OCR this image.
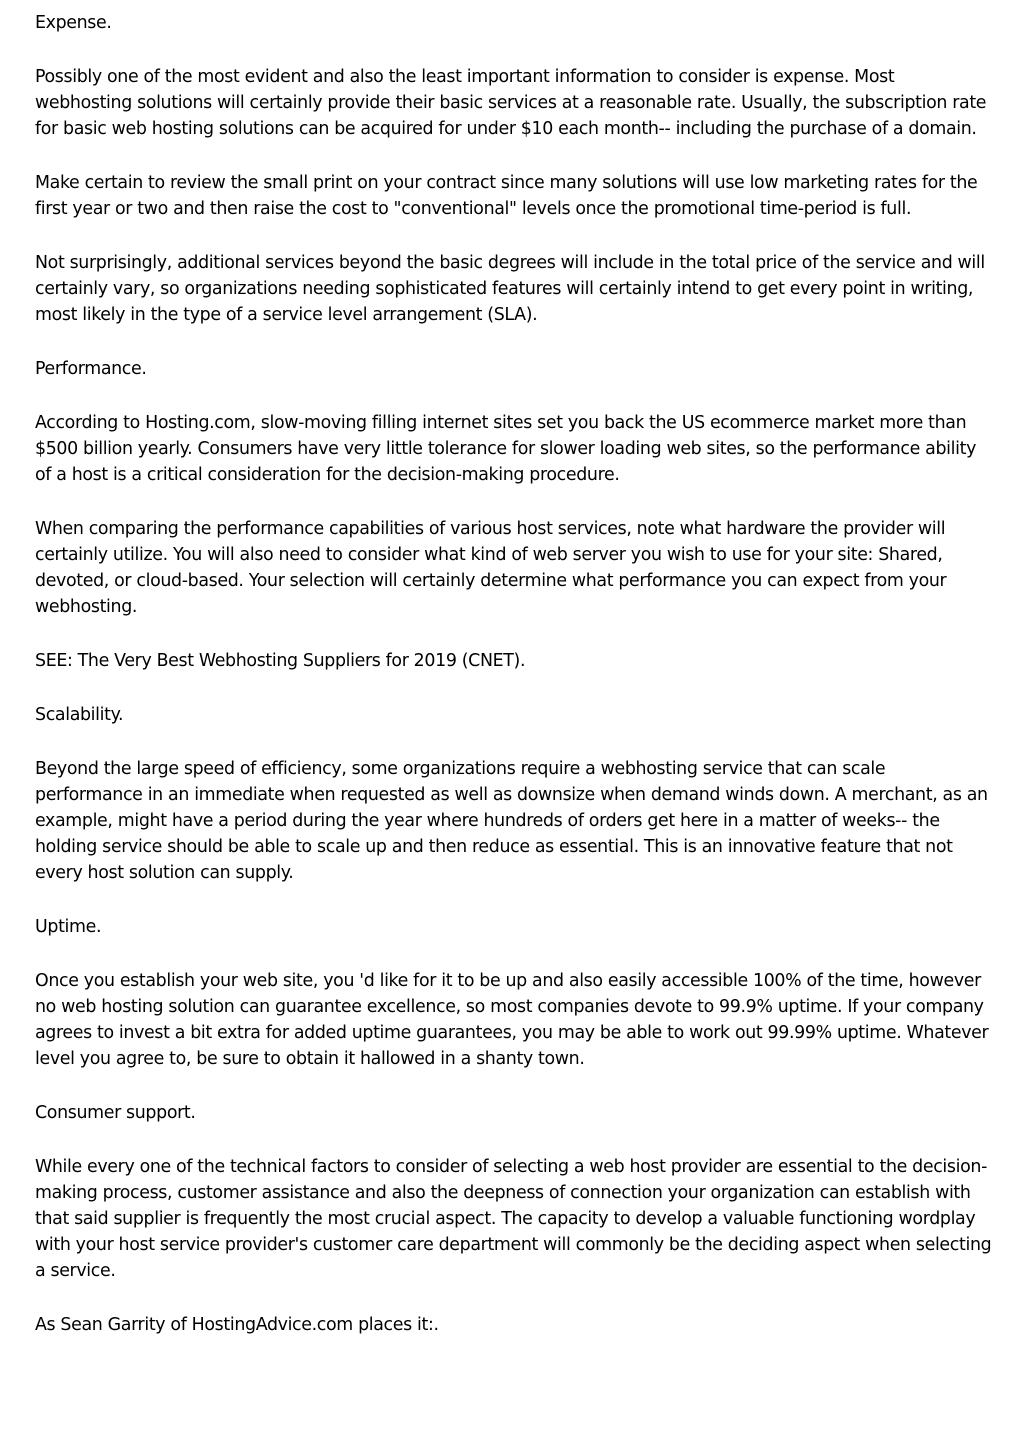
Expense.

Possibly one of the most evident and also the least important information to consider is expense. Most webhosting solutions will certainly provide their basic services at a reasonable rate. Usually, the subscription rate for basic web hosting solutions can be acquired for under $10 each month-- including the purchase of a domain.

Make certain to review the small print on your contract since many solutions will use low marketing rates for the first year or two and then raise the cost to "conventional" levels once the promotional time-period is full.

Not surprisingly, additional services beyond the basic degrees will include in the total price of the service and will certainly vary, so organizations needing sophisticated features will certainly intend to get every point in writing, most likely in the type of a service level arrangement (SLA).

Performance.

According to Hosting.com, slow-moving filling internet sites set you back the US ecommerce market more than $500 billion yearly. Consumers have very little tolerance for slower loading web sites, so the performance ability of a host is a critical consideration for the decision-making procedure.

When comparing the performance capabilities of various host services, note what hardware the provider will certainly utilize. You will also need to consider what kind of web server you wish to use for your site: Shared, devoted, or cloud-based. Your selection will certainly determine what performance you can expect from your webhosting.

SEE: The Very Best Webhosting Suppliers for 2019 (CNET).

Scalability.

Beyond the large speed of efficiency, some organizations require a webhosting service that can scale performance in an immediate when requested as well as downsize when demand winds down. A merchant, as an example, might have a period during the year where hundreds of orders get here in a matter of weeks-- the holding service should be able to scale up and then reduce as essential. This is an innovative feature that not every host solution can supply.

Uptime.

Once you establish your web site, you 'd like for it to be up and also easily accessible 100% of the time, however no web hosting solution can guarantee excellence, so most companies devote to 99.9% uptime. If your company agrees to invest a bit extra for added uptime guarantees, you may be able to work out 99.99% uptime. Whatever level you agree to, be sure to obtain it hallowed in a shanty town.

Consumer support.

While every one of the technical factors to consider of selecting a web host provider are essential to the decision-making process, customer assistance and also the deepness of connection your organization can establish with that said supplier is frequently the most crucial aspect. The capacity to develop a valuable functioning wordplay with your host service provider's customer care department will commonly be the deciding aspect when selecting a service.

As Sean Garrity of HostingAdvice.com places it:.
